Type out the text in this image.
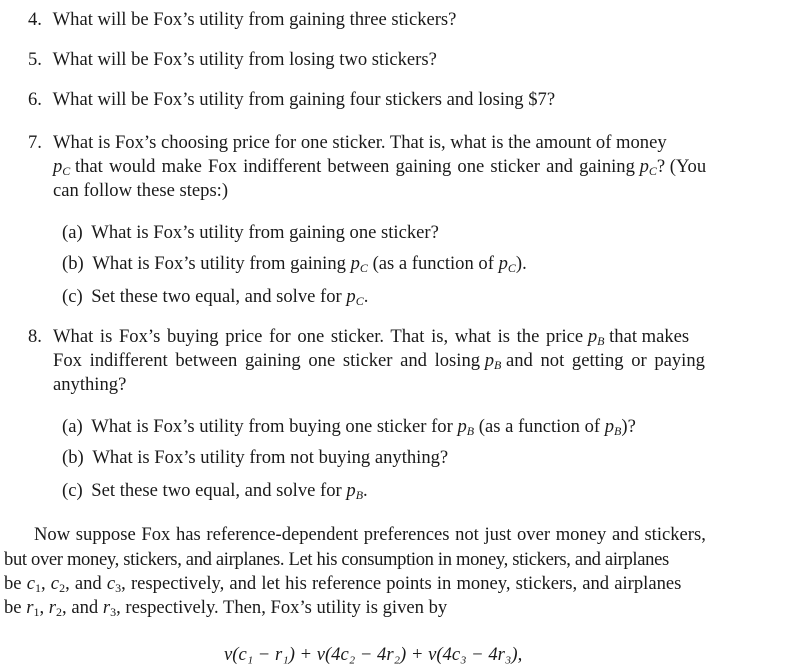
4. What will be Fox’s utility from gaining three stickers?
5. What will be Fox’s utility from losing two stickers?
6. What will be Fox’s utility from gaining four stickers and losing $7?
7. What is Fox’s choosing price for one sticker. That is, what is the amount of money
$p_C$ that would make Fox indifferent between gaining one sticker and gaining $p_C$? (You
can follow these steps:)
(a) What is Fox’s utility from gaining one sticker?
(b) What is Fox’s utility from gaining $p_C$ (as a function of $p_C$).
(c) Set these two equal, and solve for $p_C$.
8. What is Fox’s buying price for one sticker. That is, what is the price $p_B$ that makes
Fox indifferent between gaining one sticker and losing $p_B$ and not getting or paying
anything?
(a) What is Fox’s utility from buying one sticker for $p_B$ (as a function of $p_B$)?
(b) What is Fox’s utility from not buying anything?
(c) Set these two equal, and solve for $p_B$.
Now suppose Fox has reference-dependent preferences not just over money and stickers,
but over money, stickers, and airplanes. Let his consumption in money, stickers, and airplanes
be $c_1$, $c_2$, and $c_3$, respectively, and let his reference points in money, stickers, and airplanes
be $r_1$, $r_2$, and $r_3$, respectively. Then, Fox’s utility is given by
v(c₁ − r₁) + v(4c₂ − 4r₂) + v(4c₃ − 4r₃),
